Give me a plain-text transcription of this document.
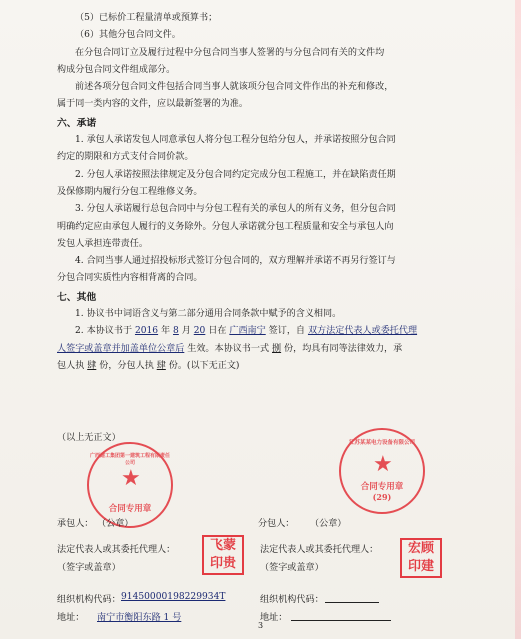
（5）已标价工程量清单或预算书；
（6）其他分包合同文件。
在分包合同订立及履行过程中分包合同当事人签署的与分包合同有关的文件均
构成分包合同文件组成部分。
前述各项分包合同文件包括合同当事人就该项分包合同文件作出的补充和修改，
属于同一类内容的文件，应以最新签署的为准。
六、承诺
1. 承包人承诺发包人同意承包人将分包工程分包给分包人，并承诺按照分包合同
约定的期限和方式支付合同价款。
2. 分包人承诺按照法律规定及分包合同约定完成分包工程施工，并在缺陷责任期
及保修期内履行分包工程维修义务。
3. 分包人承诺履行总包合同中与分包工程有关的承包人的所有义务，但分包合同
明确约定应由承包人履行的义务除外。分包人承诺就分包工程质量和安全与承包人向
发包人承担连带责任。
4. 合同当事人通过招投标形式签订分包合同的，双方理解并承诺不再另行签订与
分包合同实质性内容相背离的合同。
七、其他
1. 协议书中词语含义与第二部分通用合同条款中赋予的含义相同。
2. 本协议书于 2016 年 8 月 20 日在 广西南宁 签订，自 双方法定代表人或委托代理
人签字或盖章并加盖单位公章后 生效。本协议书一式 捌 份，均具有同等法律效力，承
包人执 肆 份，分包人执 肆 份。(以下无正文)
（以上无正文）
广西建工集团第一建筑工程有限责任公司
★
合同专用章
江苏某某电力设备有限公司
★
合同专用章
(29)
承包人： （公章）	分包人： （公章）
法定代表人或其委托代理人：
（签字或盖章）
飞蒙
印贵
法定代表人或其委托代理人：
（签字或盖章）
宏顾
印建
组织机构代码： 91450000198229934T	组织机构代码：
地址： 南宁市衡阳东路 1 号	地址：
3
